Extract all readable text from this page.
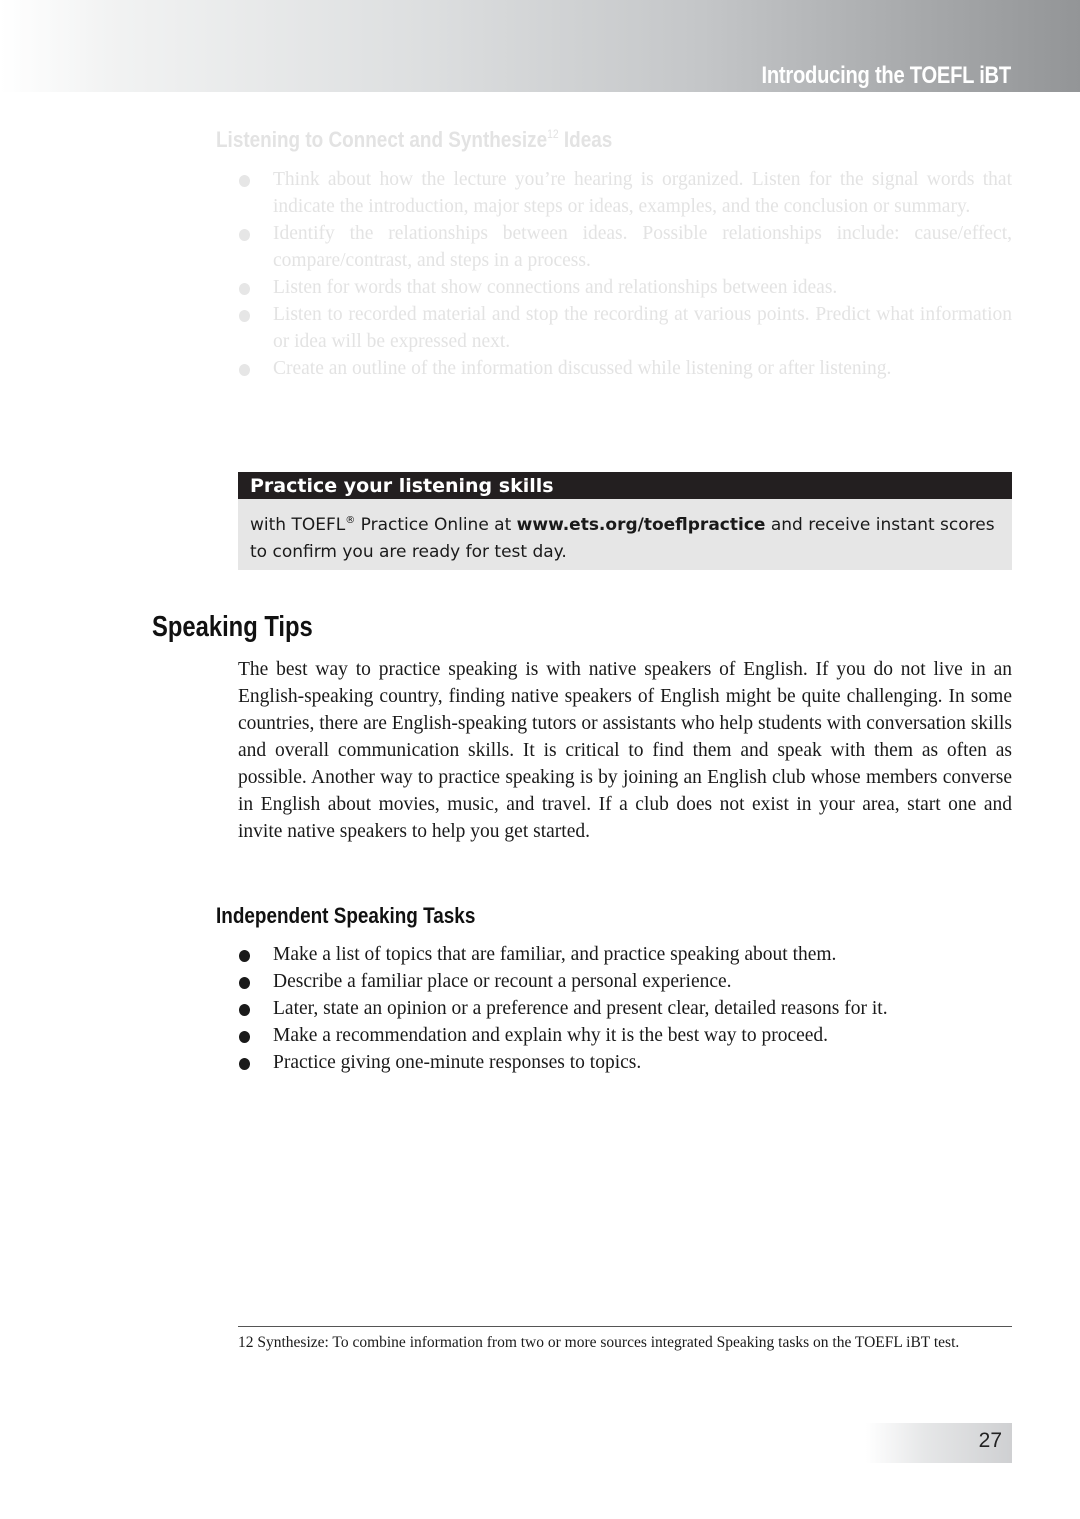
Introducing the TOEFL iBT
Listening to Connect and Synthesize$^{12}$ Ideas
Think about how the lecture you’re hearing is organized. Listen for the signal words that indicate the introduction, major steps or ideas, examples, and the conclusion or summary.
Identify the relationships between ideas. Possible relationships include: cause/effect, compare/contrast, and steps in a process.
Listen for words that show connections and relationships between ideas.
Listen to recorded material and stop the recording at various points. Predict what information or idea will be expressed next.
Create an outline of the information discussed while listening or after listening.
Practice your listening skills
with TOEFL® Practice Online at www.ets.org/toeflpractice and receive instant scores to confirm you are ready for test day.
Speaking Tips

The best way to practice speaking is with native speakers of English. If you do not live in an English-speaking country, finding native speakers of English might be quite challenging. In some countries, there are English-speaking tutors or assistants who help students with conversation skills and overall communication skills. It is critical to find them and speak with them as often as possible. Another way to practice speaking is by joining an English club whose members converse in English about movies, music, and travel. If a club does not exist in your area, start one and invite native speakers to help you get started.

Independent Speaking Tasks
Make a list of topics that are familiar, and practice speaking about them.
Describe a familiar place or recount a personal experience.
Later, state an opinion or a preference and present clear, detailed reasons for it.
Make a recommendation and explain why it is the best way to proceed.
Practice giving one-minute responses to topics.

12 Synthesize: To combine information from two or more sources integrated Speaking tasks on the TOEFL iBT test.

27
